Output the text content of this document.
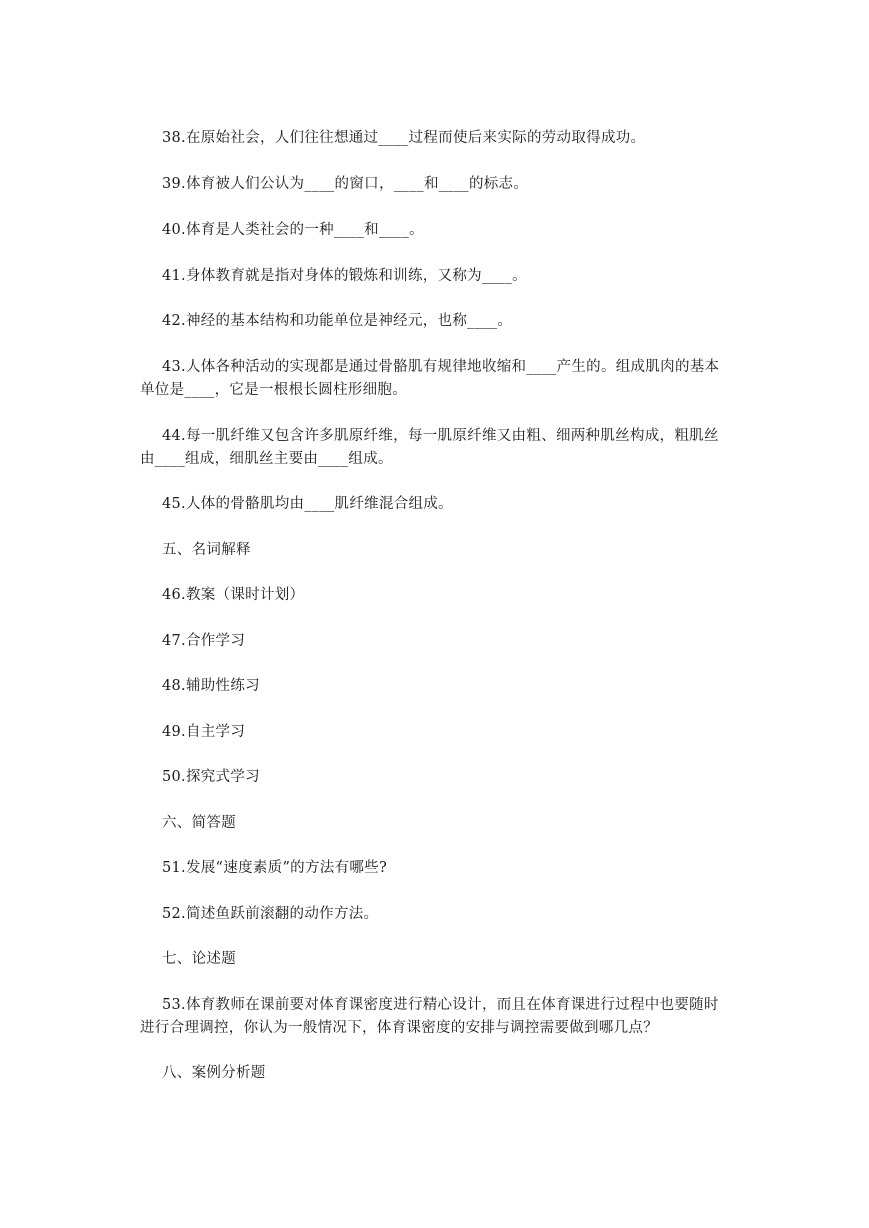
38.在原始社会，人们往往想通过____过程而使后来实际的劳动取得成功。
39.体育被人们公认为____的窗口，____和____的标志。
40.体育是人类社会的一种____和____。
41.身体教育就是指对身体的锻炼和训练，又称为____。
42.神经的基本结构和功能单位是神经元，也称____。
43.人体各种活动的实现都是通过骨骼肌有规律地收缩和____产生的。组成肌肉的基本
单位是____，它是一根根长圆柱形细胞。
44.每一肌纤维又包含许多肌原纤维，每一肌原纤维又由粗、细两种肌丝构成，粗肌丝
由____组成，细肌丝主要由____组成。
45.人体的骨骼肌均由____肌纤维混合组成。
五、名词解释
46.教案（课时计划）
47.合作学习
48.辅助性练习
49.自主学习
50.探究式学习
六、简答题
51.发展“速度素质”的方法有哪些?
52.简述鱼跃前滚翻的动作方法。
七、论述题
53.体育教师在课前要对体育课密度进行精心设计，而且在体育课进行过程中也要随时
进行合理调控，你认为一般情况下，体育课密度的安排与调控需要做到哪几点？
八、案例分析题
